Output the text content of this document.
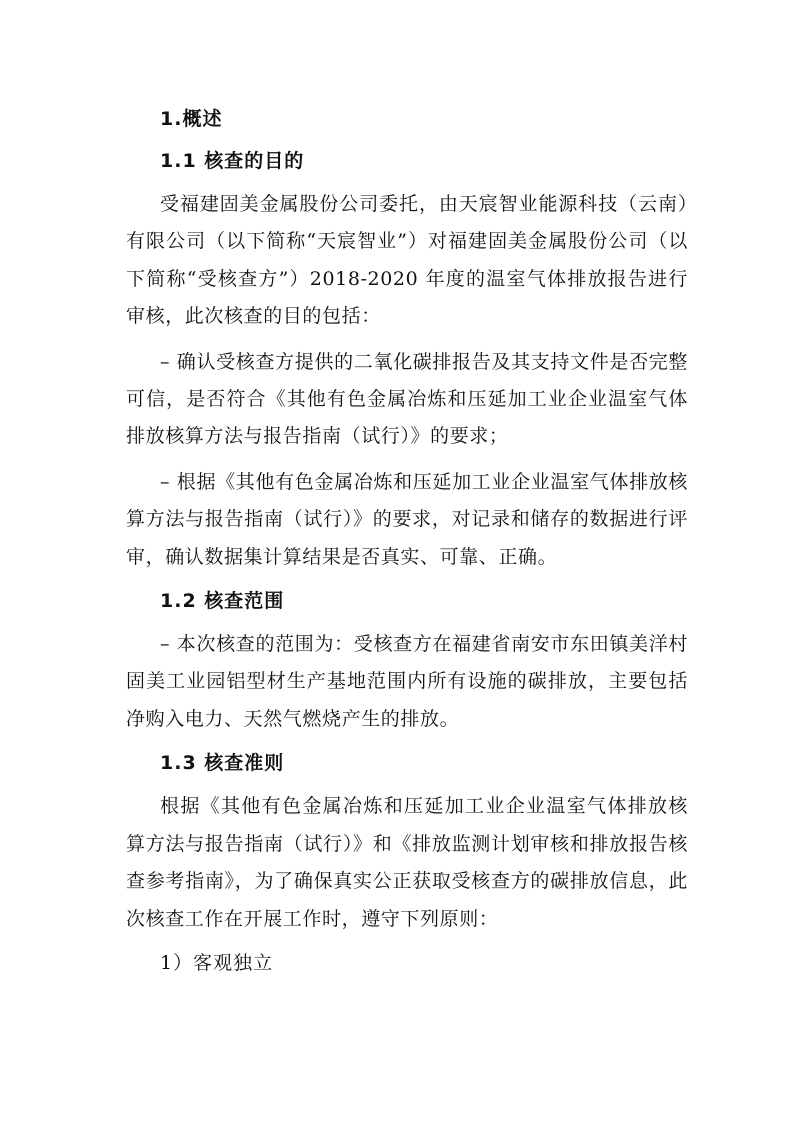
1.概述
1.1 核查的目的

受福建固美金属股份公司委托，由天宸智业能源科技（云南）有限公司（以下简称“天宸智业”）对福建固美金属股份公司（以下简称“受核查方”）2018-2020 年度的温室气体排放报告进行审核，此次核查的目的包括：

– 确认受核查方提供的二氧化碳排报告及其支持文件是否完整可信，是否符合《其他有色金属冶炼和压延加工业企业温室气体排放核算方法与报告指南（试行）》的要求；

– 根据《其他有色金属冶炼和压延加工业企业温室气体排放核算方法与报告指南（试行）》的要求，对记录和储存的数据进行评审，确认数据集计算结果是否真实、可靠、正确。

1.2 核查范围

– 本次核查的范围为：受核查方在福建省南安市东田镇美洋村固美工业园铝型材生产基地范围内所有设施的碳排放，主要包括净购入电力、天然气燃烧产生的排放。

1.3 核查准则

根据《其他有色金属冶炼和压延加工业企业温室气体排放核算方法与报告指南（试行）》和《排放监测计划审核和排放报告核查参考指南》，为了确保真实公正获取受核查方的碳排放信息，此次核查工作在开展工作时，遵守下列原则：

1）客观独立
